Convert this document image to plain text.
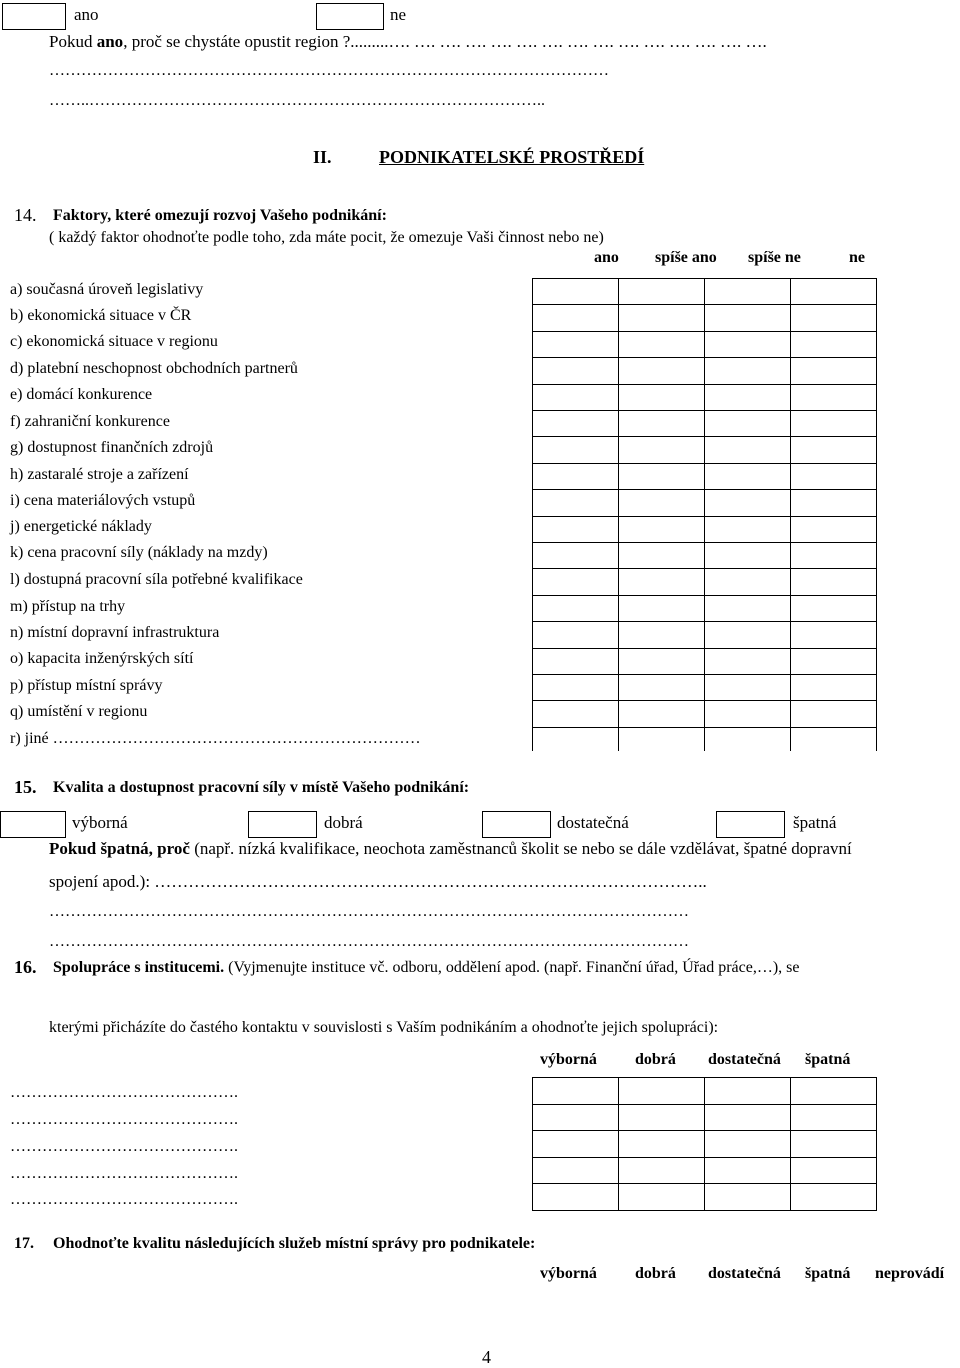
ano	ne
Pokud ano, proč se chystáte opustit region ?.........…. …. …. …. …. …. …. …. …. …. …. …. …. …. ….
……………………………………………………………………………………………
……..…………………………………………………………………………..
II.	PODNIKATELSKÉ PROSTŘEDÍ
14. Faktory, které omezují rozvoj Vašeho podnikání:
( každý faktor ohodnoťte podle toho, zda máte pocit, že omezuje Vaši činnost nebo ne)
ano spíše ano spíše ne	ne
a) současná úroveň legislativy
b) ekonomická situace v ČR
c) ekonomická situace v regionu
d) platební neschopnost obchodních partnerů
e) domácí konkurence
f) zahraniční konkurence
g) dostupnost finančních zdrojů
h) zastaralé stroje a zařízení
i) cena materiálových vstupů
j) energetické náklady
k) cena pracovní síly (náklady na mzdy)
l) dostupná pracovní síla potřebné kvalifikace
m) přístup na trhy
n) místní dopravní infrastruktura
o) kapacita inženýrských sítí
p) přístup místní správy
q) umístění v regionu
r) jiné ……………………………………………………………
15. Kvalita a dostupnost pracovní síly v místě Vašeho podnikání:
výborná	dobrá	dostatečná	špatná
Pokud špatná, proč (např. nízká kvalifikace, neochota zaměstnanců školit se nebo se dále vzdělávat, špatné dopravní
spojení apod.): ……………………………………………………………………………………..
…………………………………………………………………………………………………………
…………………………………………………………………………………………………………
16. Spolupráce s institucemi. (Vyjmenujte instituce vč. odboru, oddělení apod. (např. Finanční úřad, Úřad práce,…), se
kterými přicházíte do častého kontaktu v souvislosti s Vaším podnikáním a ohodnoťte jejich spolupráci):
výborná dobrá dostatečná špatná
…………………………………….
…………………………………….
…………………………………….
…………………………………….
…………………………………….
17. Ohodnoťte kvalitu následujících služeb místní správy pro podnikatele:
výborná dobrá dostatečná špatná neprovádí
4
